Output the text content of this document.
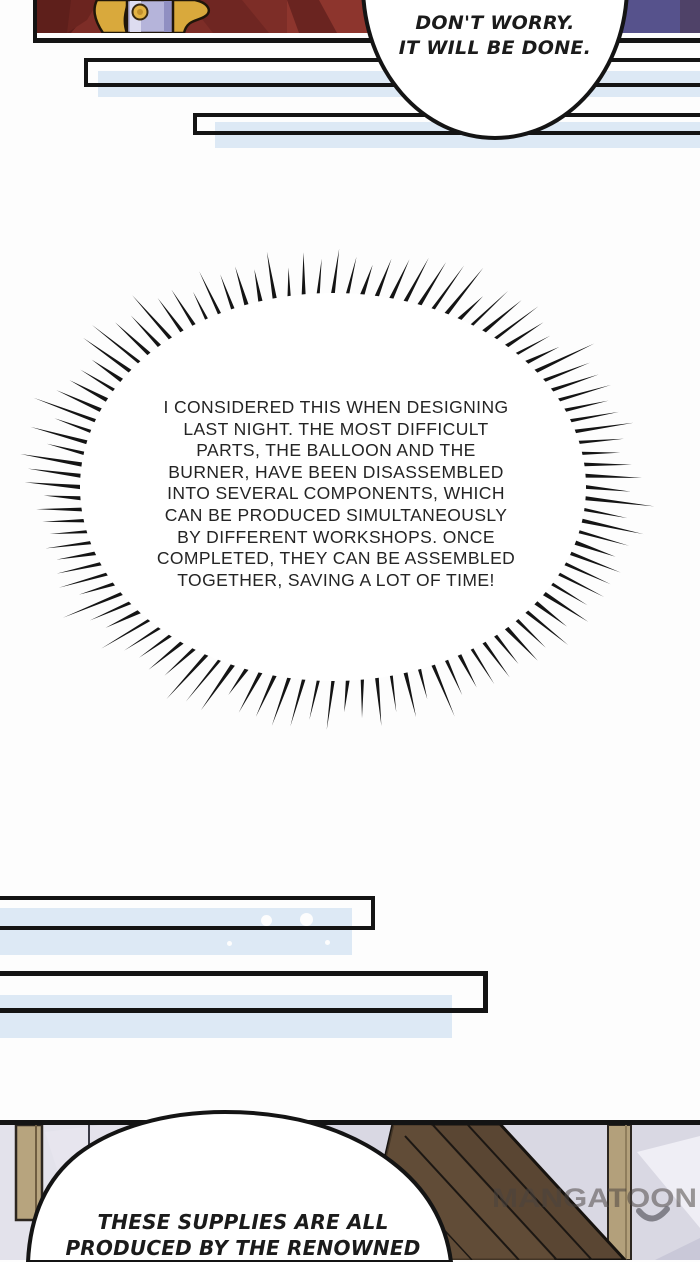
DON'T WORRY.
IT WILL BE DONE.
I CONSIDERED THIS WHEN DESIGNING
LAST NIGHT. THE MOST DIFFICULT
PARTS, THE BALLOON AND THE
BURNER, HAVE BEEN DISASSEMBLED
INTO SEVERAL COMPONENTS, WHICH
CAN BE PRODUCED SIMULTANEOUSLY
BY DIFFERENT WORKSHOPS. ONCE
COMPLETED, THEY CAN BE ASSEMBLED
TOGETHER, SAVING A LOT OF TIME!
MANGATOON
THESE SUPPLIES ARE ALL
PRODUCED BY THE RENOWNED
